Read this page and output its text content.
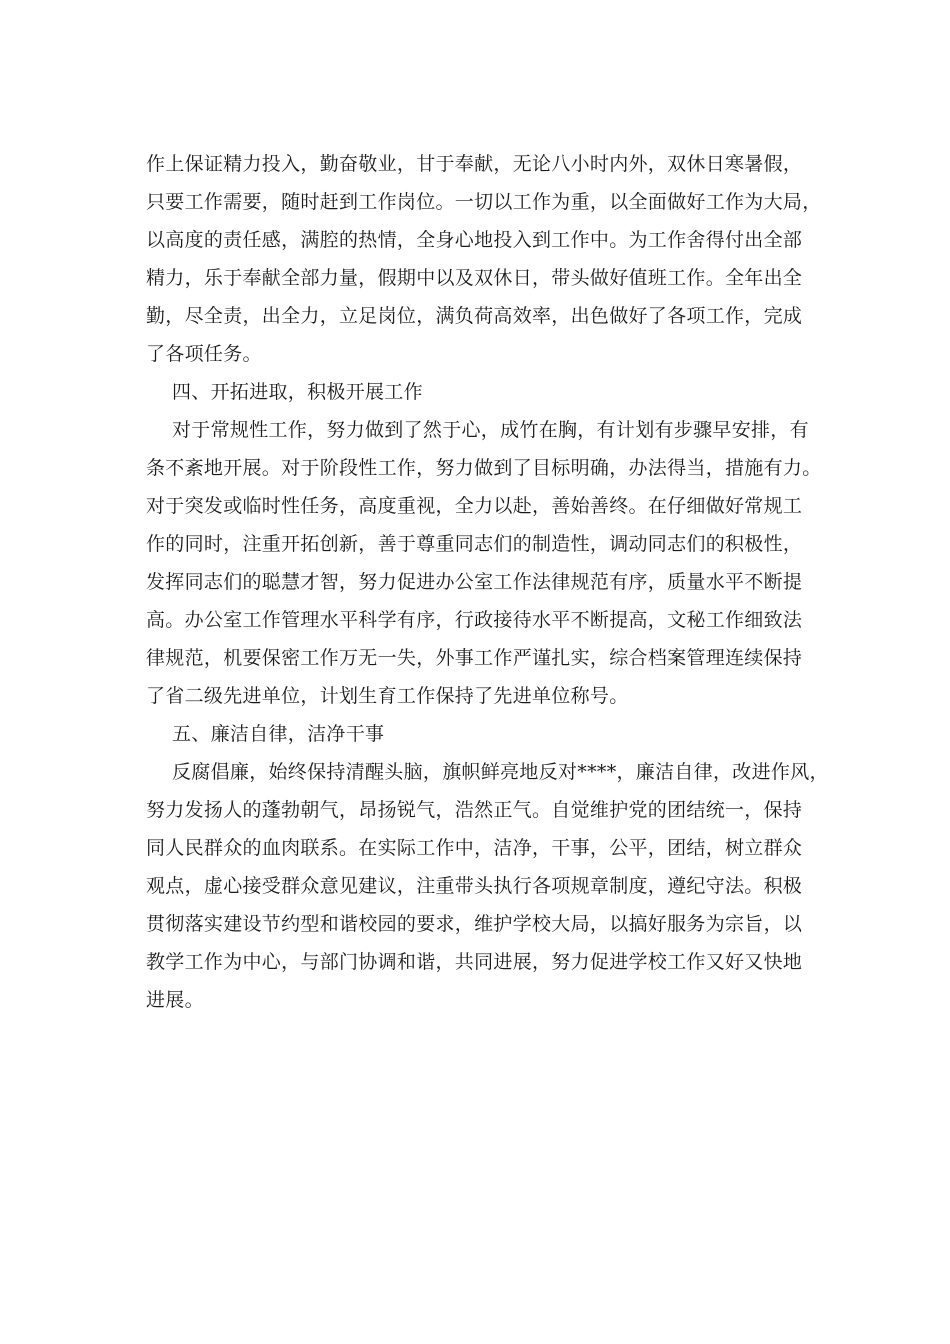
作上保证精力投入，勤奋敬业，甘于奉献，无论八小时内外，双休日寒暑假，
只要工作需要，随时赶到工作岗位。一切以工作为重，以全面做好工作为大局，
以高度的责任感，满腔的热情，全身心地投入到工作中。为工作舍得付出全部
精力，乐于奉献全部力量，假期中以及双休日，带头做好值班工作。全年出全
勤，尽全责，出全力，立足岗位，满负荷高效率，出色做好了各项工作，完成
了各项任务。
四、开拓进取，积极开展工作
对于常规性工作，努力做到了然于心，成竹在胸，有计划有步骤早安排，有
条不紊地开展。对于阶段性工作，努力做到了目标明确，办法得当，措施有力。
对于突发或临时性任务，高度重视，全力以赴，善始善终。在仔细做好常规工
作的同时，注重开拓创新，善于尊重同志们的制造性，调动同志们的积极性，
发挥同志们的聪慧才智，努力促进办公室工作法律规范有序，质量水平不断提
高。办公室工作管理水平科学有序，行政接待水平不断提高，文秘工作细致法
律规范，机要保密工作万无一失，外事工作严谨扎实，综合档案管理连续保持
了省二级先进单位，计划生育工作保持了先进单位称号。
五、廉洁自律，洁净干事
反腐倡廉，始终保持清醒头脑，旗帜鲜亮地反对****，廉洁自律，改进作风，
努力发扬人的蓬勃朝气，昂扬锐气，浩然正气。自觉维护党的团结统一，保持
同人民群众的血肉联系。在实际工作中，洁净，干事，公平，团结，树立群众
观点，虚心接受群众意见建议，注重带头执行各项规章制度，遵纪守法。积极
贯彻落实建设节约型和谐校园的要求，维护学校大局，以搞好服务为宗旨，以
教学工作为中心，与部门协调和谐，共同进展，努力促进学校工作又好又快地
进展。
